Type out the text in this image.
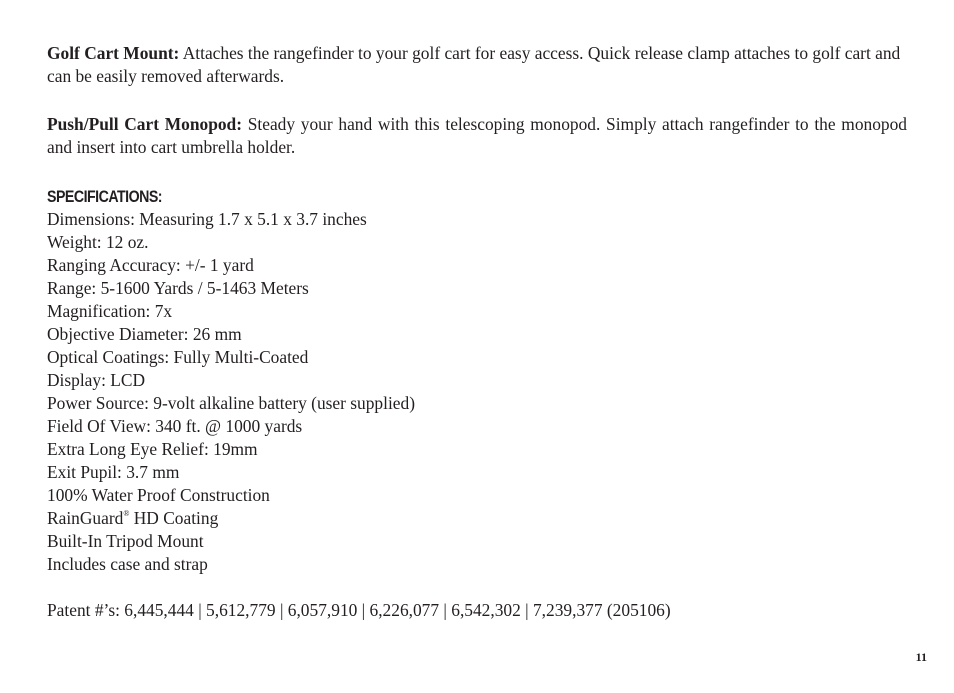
Golf Cart Mount: Attaches the rangefinder to your golf cart for easy access. Quick release clamp attaches to golf cart and can be easily removed afterwards.

Push/Pull Cart Monopod: Steady your hand with this telescoping monopod. Simply attach rangefinder to the monopod and insert into cart umbrella holder.

SPECIFICATIONS:
Dimensions: Measuring 1.7 x 5.1 x 3.7 inches
Weight: 12 oz.
Ranging Accuracy: +/- 1 yard
Range: 5-1600 Yards / 5-1463 Meters
Magnification: 7x
Objective Diameter: 26 mm
Optical Coatings: Fully Multi-Coated
Display: LCD
Power Source: 9-volt alkaline battery (user supplied)
Field Of View: 340 ft. @ 1000 yards
Extra Long Eye Relief: 19mm
Exit Pupil: 3.7 mm
100% Water Proof Construction
RainGuard® HD Coating
Built-In Tripod Mount
Includes case and strap

Patent #’s: 6,445,444 | 5,612,779 | 6,057,910 | 6,226,077 | 6,542,302 | 7,239,377 (205106)

11
